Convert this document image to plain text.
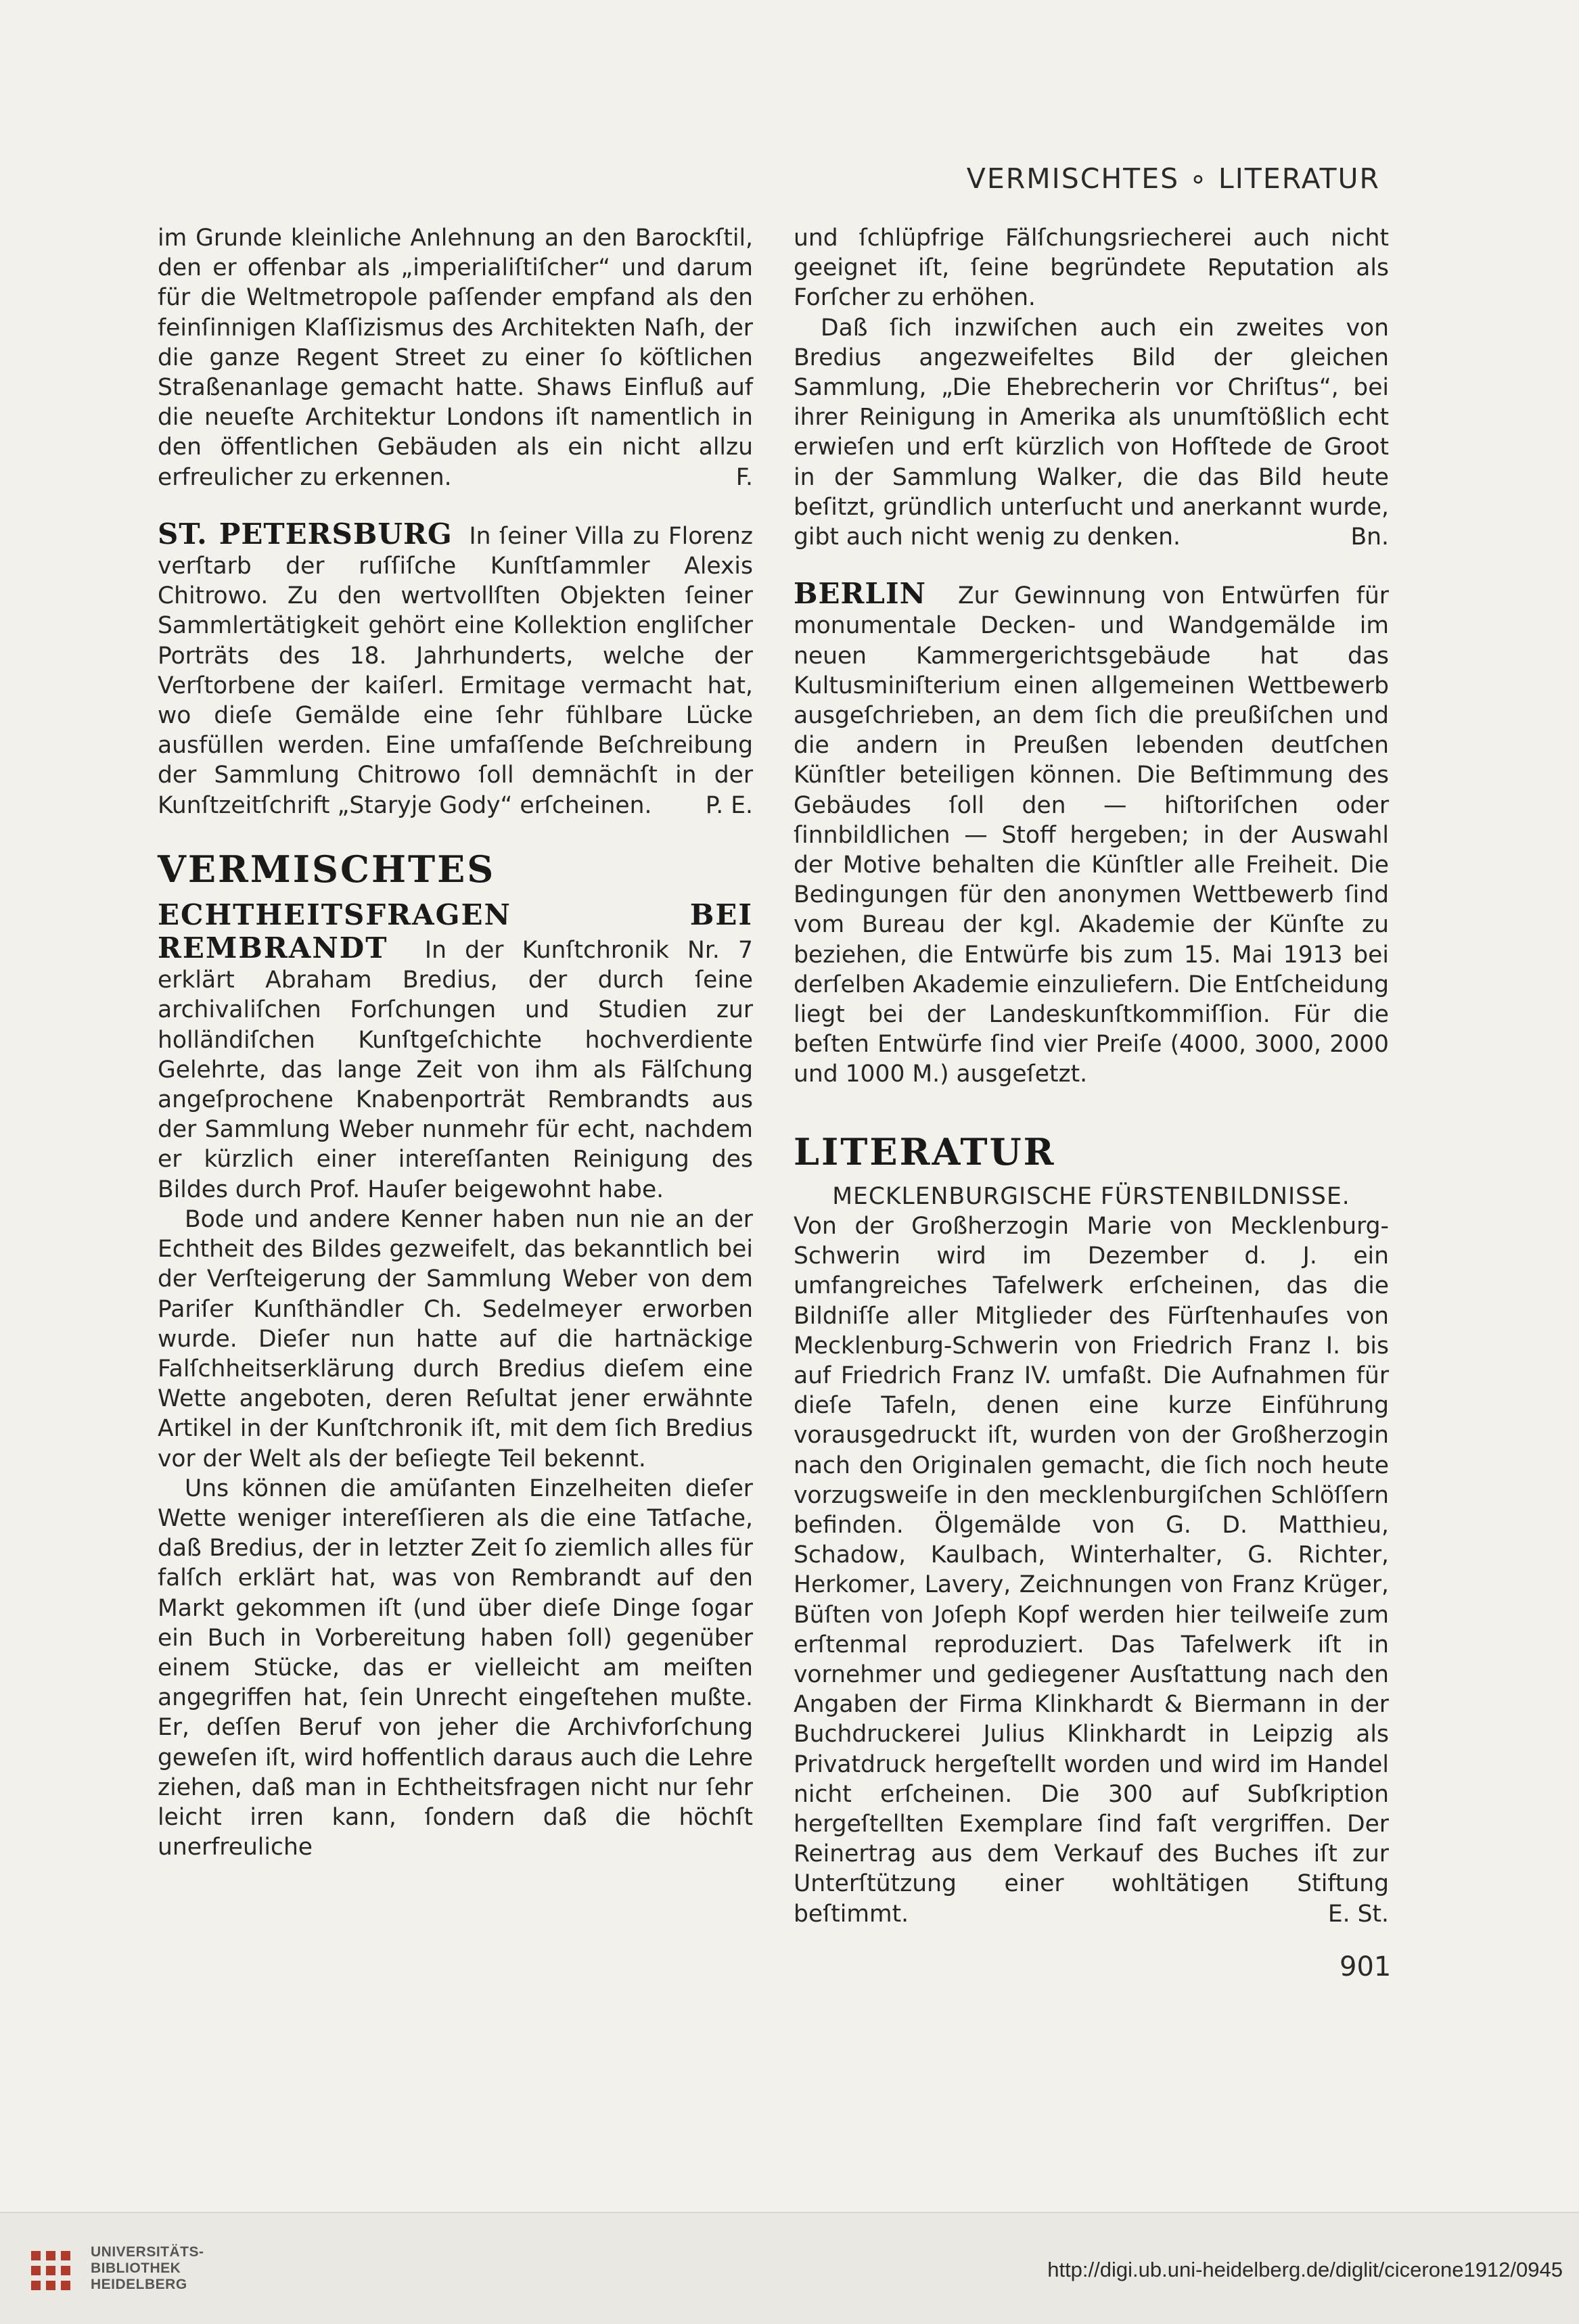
VERMISCHTES ∘ LITERATUR

im Grunde kleinliche Anlehnung an den Barockſtil, den er offenbar als „imperialiſtiſcher“ und darum für die Weltmetropole paſſender empfand als den feinſinnigen Klaſſizismus des Architekten Naſh, der die ganze Regent Street zu einer ſo köſtlichen Straßenanlage gemacht hatte. Shaws Einfluß auf die neueſte Architektur Londons iſt namentlich in den öffentlichen Gebäuden als ein nicht allzu erfreulicher zu erkennen.	F.

ST. PETERSBURG In ſeiner Villa zu Florenz verſtarb der ruſſiſche Kunſtſammler Alexis Chitrowo. Zu den wertvollſten Objekten ſeiner Sammlertätigkeit gehört eine Kollektion engliſcher Porträts des 18. Jahrhunderts, welche der Verſtorbene der kaiſerl. Ermitage vermacht hat, wo dieſe Gemälde eine ſehr fühlbare Lücke ausfüllen werden. Eine umfaſſende Beſchreibung der Sammlung Chitrowo ſoll demnächſt in der Kunſtzeitſchrift „Staryje Gody“ erſcheinen. P. E.

VERMISCHTES

ECHTHEITSFRAGEN BEI REMBRANDT In der Kunſtchronik Nr. 7 erklärt Abraham Bredius, der durch ſeine archivaliſchen Forſchungen und Studien zur holländiſchen Kunſtgeſchichte hochverdiente Gelehrte, das lange Zeit von ihm als Fälſchung angeſprochene Knabenporträt Rembrandts aus der Sammlung Weber nunmehr für echt, nachdem er kürzlich einer intereſſanten Reinigung des Bildes durch Prof. Hauſer beigewohnt habe.

Bode und andere Kenner haben nun nie an der Echtheit des Bildes gezweifelt, das bekanntlich bei der Verſteigerung der Sammlung Weber von dem Pariſer Kunſthändler Ch. Sedelmeyer erworben wurde. Dieſer nun hatte auf die hartnäckige Falſchheitserklärung durch Bredius dieſem eine Wette angeboten, deren Reſultat jener erwähnte Artikel in der Kunſtchronik iſt, mit dem ſich Bredius vor der Welt als der beſiegte Teil bekennt.

Uns können die amüſanten Einzelheiten dieſer Wette weniger intereſſieren als die eine Tatſache, daß Bredius, der in letzter Zeit ſo ziemlich alles für falſch erklärt hat, was von Rembrandt auf den Markt gekommen iſt (und über dieſe Dinge ſogar ein Buch in Vorbereitung haben ſoll) gegenüber einem Stücke, das er vielleicht am meiſten angegriffen hat, ſein Unrecht eingeſtehen mußte. Er, deſſen Beruf von jeher die Archivforſchung geweſen iſt, wird hoffentlich daraus auch die Lehre ziehen, daß man in Echtheitsfragen nicht nur ſehr leicht irren kann, ſondern daß die höchſt unerfreuliche

und ſchlüpfrige Fälſchungsriecherei auch nicht geeignet iſt, ſeine begründete Reputation als Forſcher zu erhöhen.

Daß ſich inzwiſchen auch ein zweites von Bredius angezweifeltes Bild der gleichen Sammlung, „Die Ehebrecherin vor Chriſtus“, bei ihrer Reinigung in Amerika als unumſtößlich echt erwieſen und erſt kürzlich von Hofſtede de Groot in der Sammlung Walker, die das Bild heute beſitzt, gründlich unterſucht und anerkannt wurde, gibt auch nicht wenig zu denken.	Bn.

BERLIN Zur Gewinnung von Entwürfen für monumentale Decken- und Wandgemälde im neuen Kammergerichtsgebäude hat das Kultusminiſterium einen allgemeinen Wettbewerb ausgeſchrieben, an dem ſich die preußiſchen und die andern in Preußen lebenden deutſchen Künſtler beteiligen können. Die Beſtimmung des Gebäudes ſoll den — hiſtoriſchen oder ſinnbildlichen — Stoff hergeben; in der Auswahl der Motive behalten die Künſtler alle Freiheit. Die Bedingungen für den anonymen Wettbewerb ſind vom Bureau der kgl. Akademie der Künſte zu beziehen, die Entwürfe bis zum 15. Mai 1913 bei derſelben Akademie einzuliefern. Die Entſcheidung liegt bei der Landeskunſtkommiſſion. Für die beſten Entwürfe ſind vier Preiſe (4000, 3000, 2000 und 1000 M.) ausgeſetzt.

LITERATUR

MECKLENBURGISCHE FÜRSTENBILDNISSE.

Von der Großherzogin Marie von Mecklenburg-Schwerin wird im Dezember d. J. ein umfangreiches Tafelwerk erſcheinen, das die Bildniſſe aller Mitglieder des Fürſtenhauſes von Mecklenburg-Schwerin von Friedrich Franz I. bis auf Friedrich Franz IV. umfaßt. Die Aufnahmen für dieſe Tafeln, denen eine kurze Einführung vorausgedruckt iſt, wurden von der Großherzogin nach den Originalen gemacht, die ſich noch heute vorzugsweiſe in den mecklenburgiſchen Schlöſſern befinden. Ölgemälde von G. D. Matthieu, Schadow, Kaulbach, Winterhalter, G. Richter, Herkomer, Lavery, Zeichnungen von Franz Krüger, Büſten von Joſeph Kopf werden hier teilweiſe zum erſtenmal reproduziert. Das Tafelwerk iſt in vornehmer und gediegener Ausſtattung nach den Angaben der Firma Klinkhardt & Biermann in der Buchdruckerei Julius Klinkhardt in Leipzig als Privatdruck hergeſtellt worden und wird im Handel nicht erſcheinen. Die 300 auf Subſkription hergeſtellten Exemplare ſind faſt vergriffen. Der Reinertrag aus dem Verkauf des Buches iſt zur Unterſtützung einer wohltätigen Stiftung beſtimmt.	E. St.

901
UNIVERSITÄTS-
BIBLIOTHEK
HEIDELBERG
http://digi.ub.uni-heidelberg.de/diglit/cicerone1912/0945
